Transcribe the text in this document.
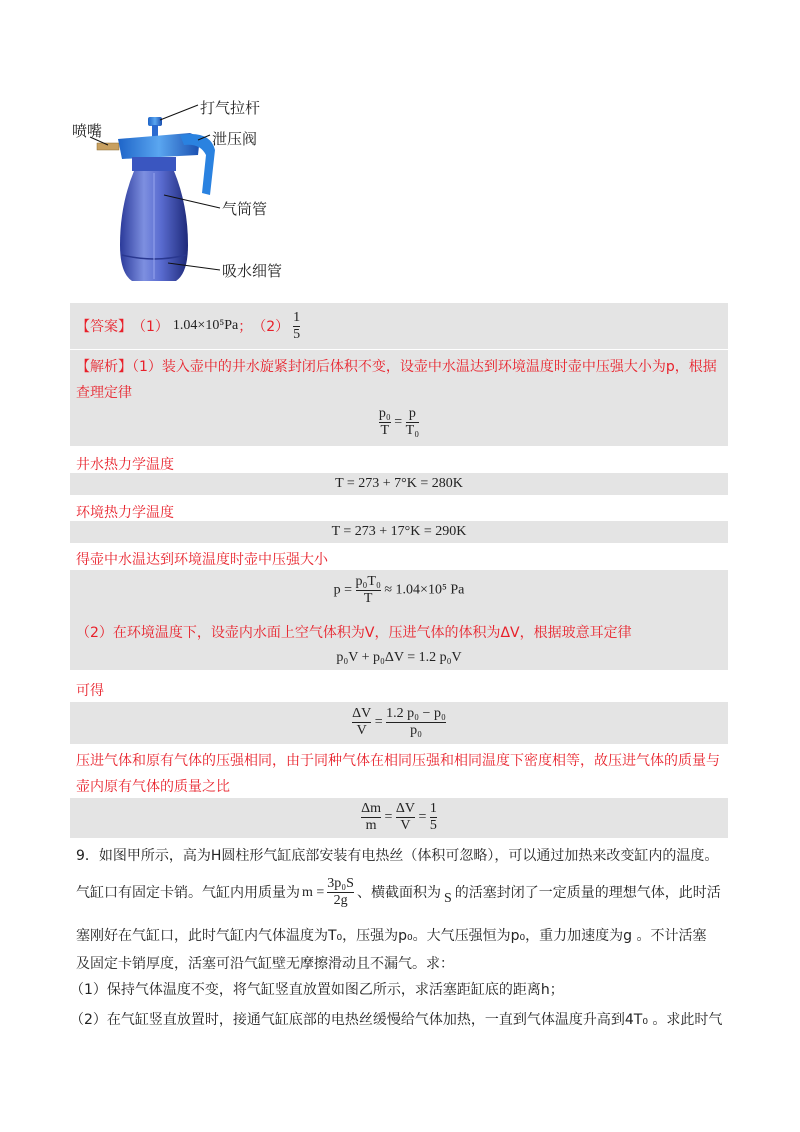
打气拉杆
喷嘴	泄压阀
气筒管
吸水细管
【答案】 （1） 1.04×10⁵Pa ； $(2) \frac{1}{5}$
【解析】（1）装入壶中的井水旋紧封闭后体积不变，设壶中水温达到环境温度时壶中压强大小为p，根据
查理定律
$\frac{\text{p₀}}{T} = \frac{p}{\text{T₀}}$
井水热力学温度
T = 273 + 7°K = 280K
环境热力学温度
T = 273 + 17°K = 290K
得壶中水温达到环境温度时壶中压强大小
$p = \frac{\text{p₀T₀}}{T} \approx 1.04\times 10^5$ Pa
（2）在环境温度下，设壶内水面上空气体积为V，压进气体的体积为ΔV，根据玻意耳定律
p₀V + p₀ΔV = 1.2 p₀V
可得
$\frac{\Delta V}{V} = \frac{\text{1.2 p₀ − p₀}}{\text{p₀}}$
压进气体和原有气体的压强相同，由于同种气体在相同压强和相同温度下密度相等，故压进气体的质量与
壶内原有气体的质量之比
$\frac{\Delta m}{m} = \frac{\Delta V}{V} = \frac{1}{5}$
9．如图甲所示，高为H圆柱形气缸底部安装有电热丝（体积可忽略），可以通过加热来改变缸内的温度。
气缸口有固定卡销。气缸内用质量为 $m = \frac{\text{3p₀S}}{2g}$ 、横截面积为 S 的活塞封闭了一定质量的理想气体，此时活
塞刚好在气缸口，此时气缸内气体温度为T₀，压强为p₀。大气压强恒为p₀，重力加速度为g 。不计活塞
及固定卡销厚度，活塞可沿气缸壁无摩擦滑动且不漏气。求：
（1）保持气体温度不变，将气缸竖直放置如图乙所示，求活塞距缸底的距离h；
（2）在气缸竖直放置时，接通气缸底部的电热丝缓慢给气体加热，一直到气体温度升高到4T₀ 。求此时气
